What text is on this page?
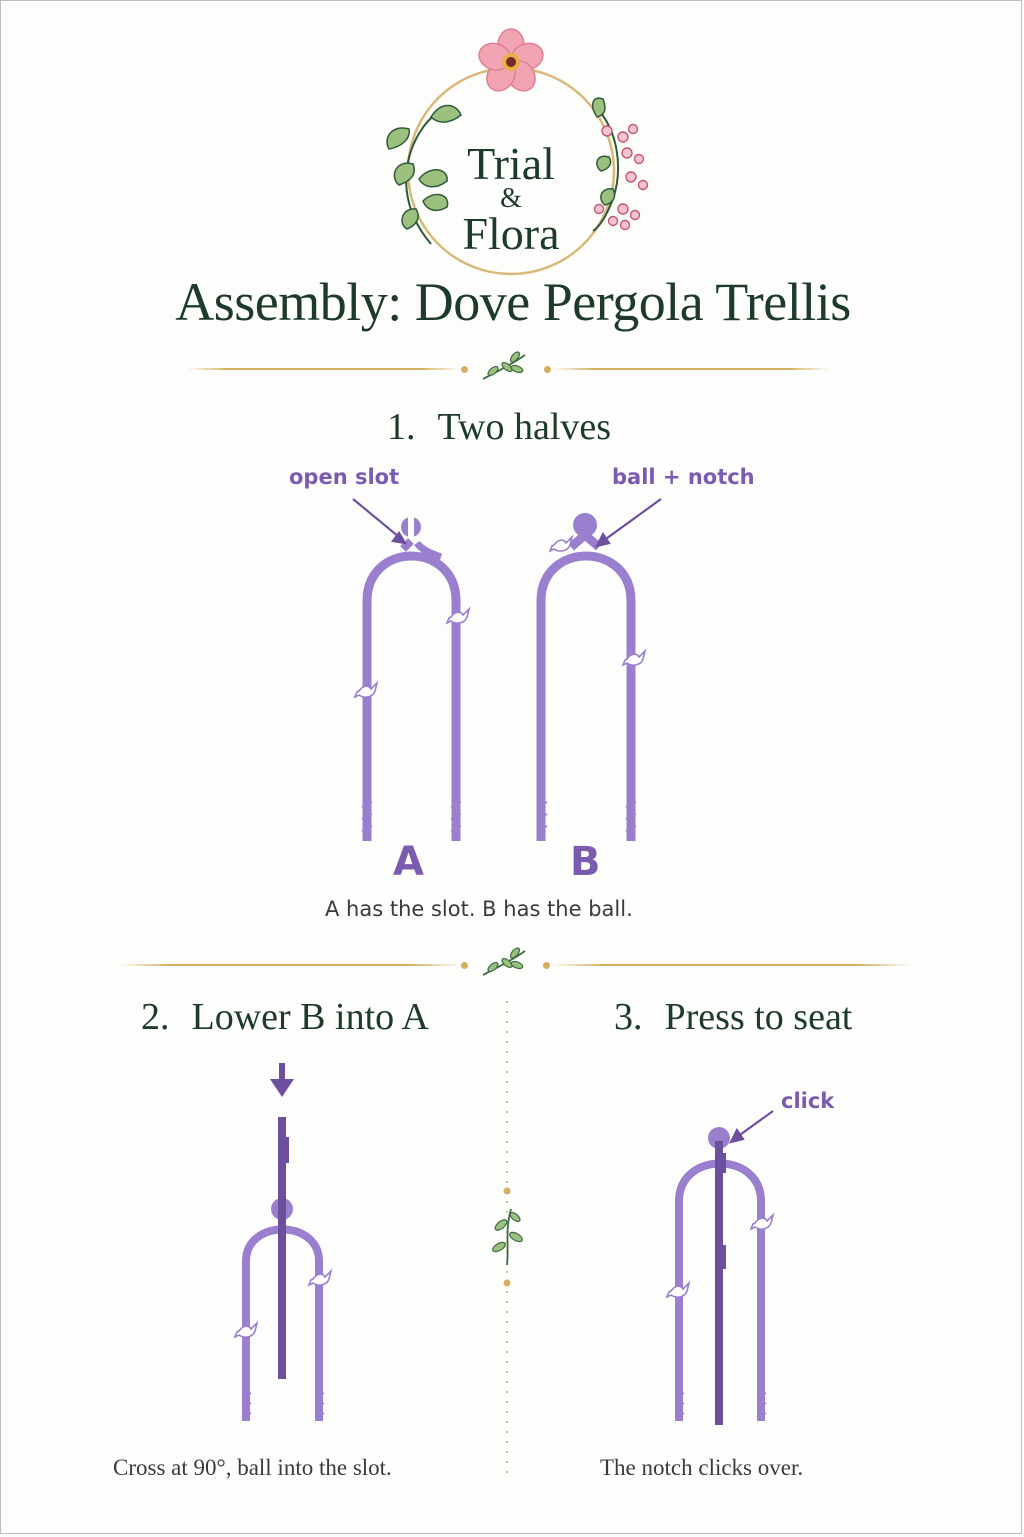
Trial
&
Flora
Assembly: Dove Pergola Trellis
1. Two halves
open slot	ball + notch
A	B
A has the slot. B has the ball.
2. Lower B into A	3. Press to seat
click
Cross at 90°, ball into the slot.	The notch clicks over.
